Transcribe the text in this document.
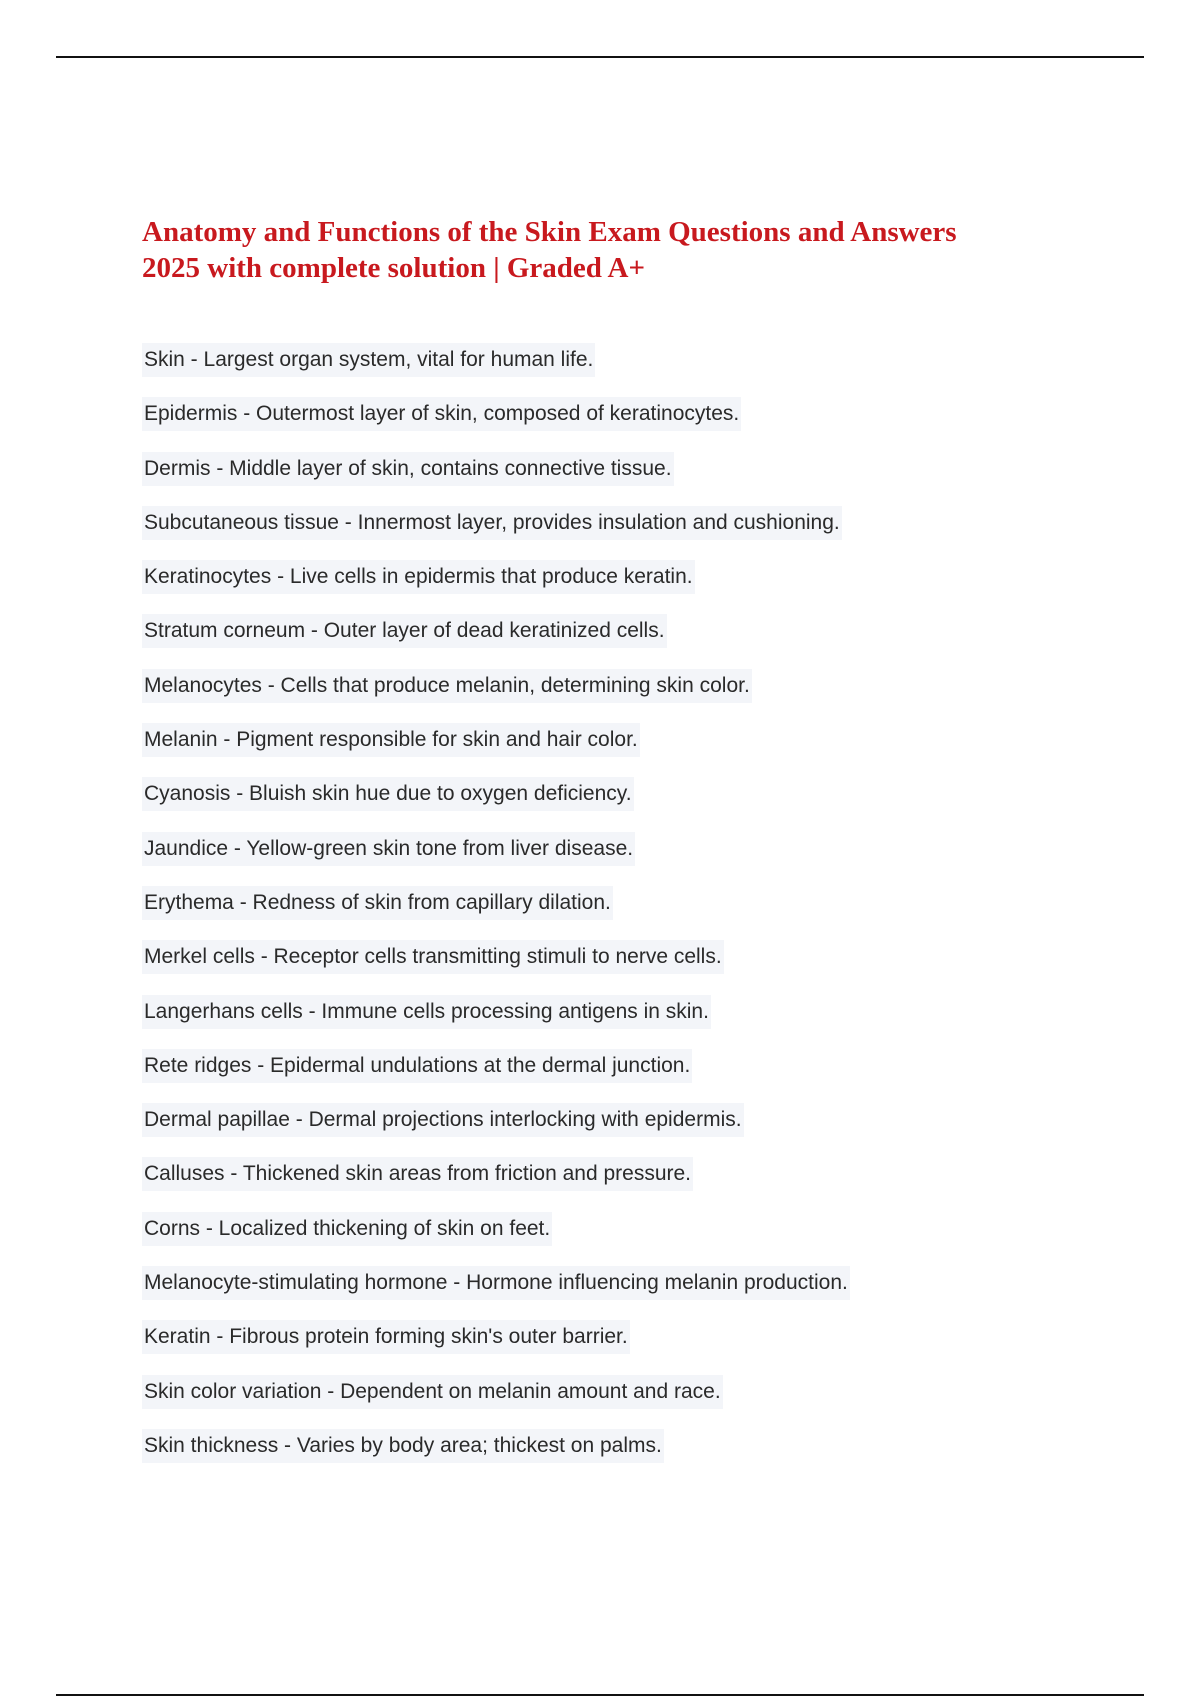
Anatomy and Functions of the Skin Exam Questions and Answers
2025 with complete solution | Graded A+
Skin - Largest organ system, vital for human life.
Epidermis - Outermost layer of skin, composed of keratinocytes.
Dermis - Middle layer of skin, contains connective tissue.
Subcutaneous tissue - Innermost layer, provides insulation and cushioning.
Keratinocytes - Live cells in epidermis that produce keratin.
Stratum corneum - Outer layer of dead keratinized cells.
Melanocytes - Cells that produce melanin, determining skin color.
Melanin - Pigment responsible for skin and hair color.
Cyanosis - Bluish skin hue due to oxygen deficiency.
Jaundice - Yellow-green skin tone from liver disease.
Erythema - Redness of skin from capillary dilation.
Merkel cells - Receptor cells transmitting stimuli to nerve cells.
Langerhans cells - Immune cells processing antigens in skin.
Rete ridges - Epidermal undulations at the dermal junction.
Dermal papillae - Dermal projections interlocking with epidermis.
Calluses - Thickened skin areas from friction and pressure.
Corns - Localized thickening of skin on feet.
Melanocyte-stimulating hormone - Hormone influencing melanin production.
Keratin - Fibrous protein forming skin's outer barrier.
Skin color variation - Dependent on melanin amount and race.
Skin thickness - Varies by body area; thickest on palms.
